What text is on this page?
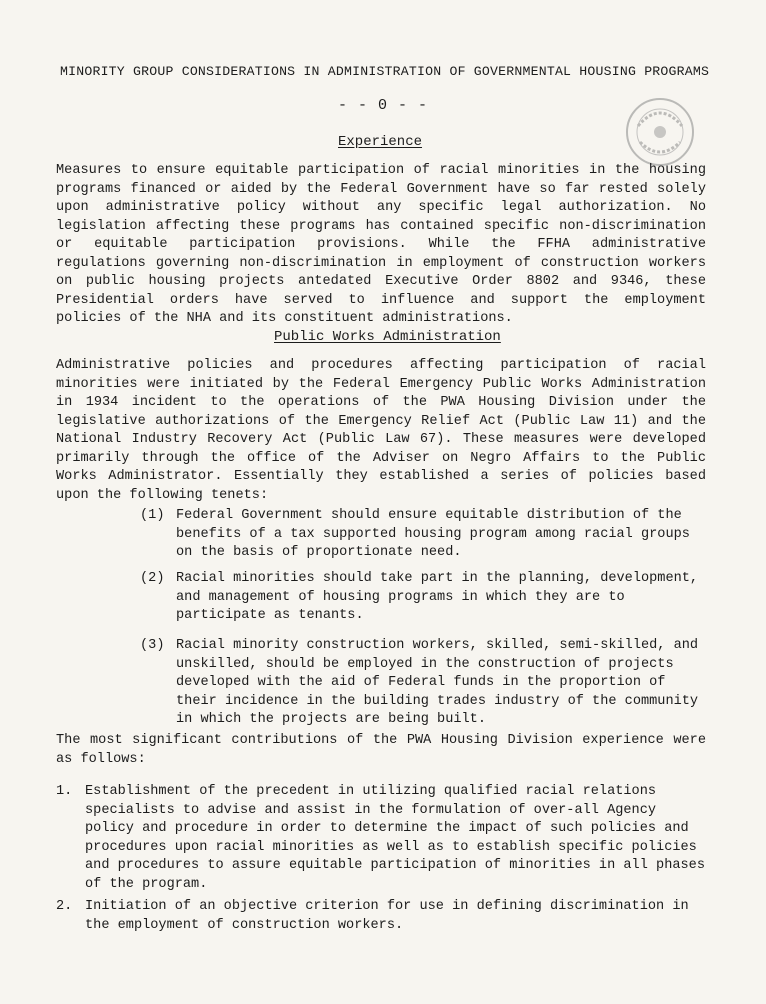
MINORITY GROUP CONSIDERATIONS IN ADMINISTRATION OF GOVERNMENTAL HOUSING PROGRAMS
- - 0 - -
Experience
Measures to ensure equitable participation of racial minorities in the housing programs financed or aided by the Federal Government have so far rested solely upon administrative policy without any specific legal authorization. No legislation affecting these programs has contained specific non-discrimination or equitable participation provisions. While the FFHA administrative regulations governing non-discrimination in employment of construction workers on public housing projects antedated Executive Order 8802 and 9346, these Presidential orders have served to influence and support the employment policies of the NHA and its constituent administrations.
Public Works Administration
Administrative policies and procedures affecting participation of racial minorities were initiated by the Federal Emergency Public Works Administration in 1934 incident to the operations of the PWA Housing Division under the legislative authorizations of the Emergency Relief Act (Public Law 11) and the National Industry Recovery Act (Public Law 67). These measures were developed primarily through the office of the Adviser on Negro Affairs to the Public Works Administrator. Essentially they established a series of policies based upon the following tenets:
(1) Federal Government should ensure equitable distribution of the benefits of a tax supported housing program among racial groups on the basis of proportionate need.
(2) Racial minorities should take part in the planning, development, and management of housing programs in which they are to participate as tenants.
(3) Racial minority construction workers, skilled, semi-skilled, and unskilled, should be employed in the construction of projects developed with the aid of Federal funds in the proportion of their incidence in the building trades industry of the community in which the projects are being built.
The most significant contributions of the PWA Housing Division experience were as follows:
1. Establishment of the precedent in utilizing qualified racial relations specialists to advise and assist in the formulation of over-all Agency policy and procedure in order to determine the impact of such policies and procedures upon racial minorities as well as to establish specific policies and procedures to assure equitable participation of minorities in all phases of the program.
2. Initiation of an objective criterion for use in defining discrimination in the employment of construction workers.
